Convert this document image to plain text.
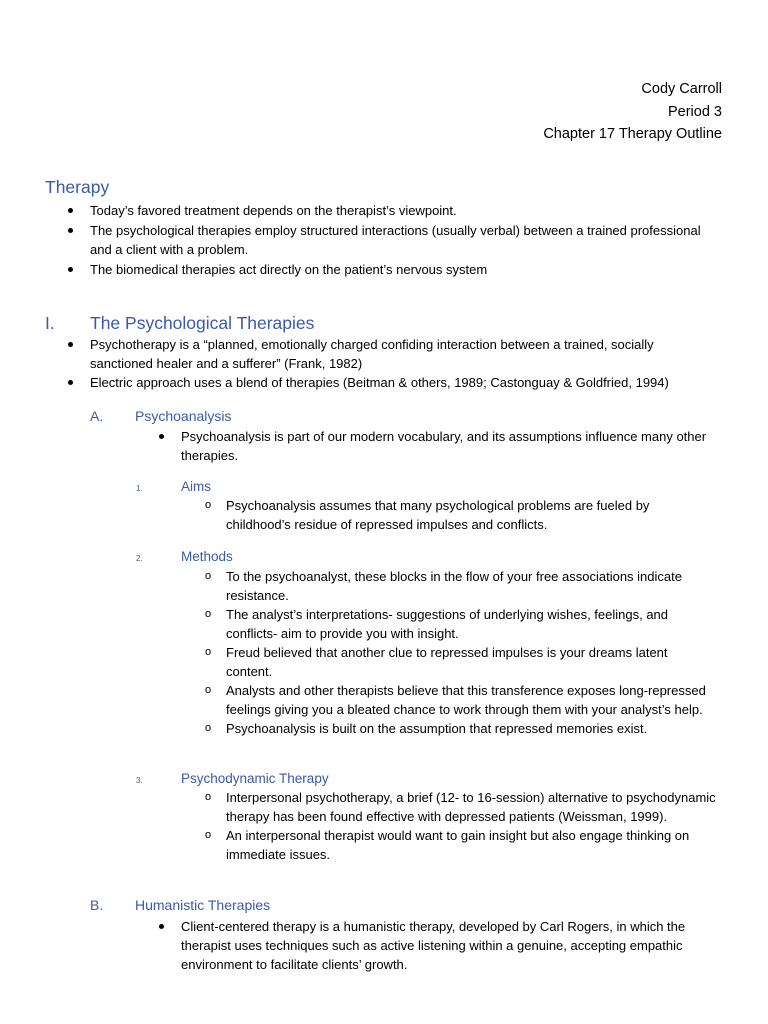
Cody Carroll
Period 3
Chapter 17 Therapy Outline
Therapy
Today’s favored treatment depends on the therapist’s viewpoint.
The psychological therapies employ structured interactions (usually verbal) between a trained professional and a client with a problem.
The biomedical therapies act directly on the patient’s nervous system
I. The Psychological Therapies
Psychotherapy is a “planned, emotionally charged confiding interaction between a trained, socially sanctioned healer and a sufferer” (Frank, 1982)
Electric approach uses a blend of therapies (Beitman & others, 1989; Castonguay & Goldfried, 1994)
A. Psychoanalysis
Psychoanalysis is part of our modern vocabulary, and its assumptions influence many other therapies.
1.	Aims
o Psychoanalysis assumes that many psychological problems are fueled by childhood’s residue of repressed impulses and conflicts.
2.	Methods
o To the psychoanalyst, these blocks in the flow of your free associations indicate resistance.
o The analyst’s interpretations- suggestions of underlying wishes, feelings, and conflicts- aim to provide you with insight.
o Freud believed that another clue to repressed impulses is your dreams latent content.
o Analysts and other therapists believe that this transference exposes long-repressed feelings giving you a bleated chance to work through them with your analyst’s help.
o Psychoanalysis is built on the assumption that repressed memories exist.
3.	Psychodynamic Therapy
o Interpersonal psychotherapy, a brief (12- to 16-session) alternative to psychodynamic therapy has been found effective with depressed patients (Weissman, 1999).
o An interpersonal therapist would want to gain insight but also engage thinking on immediate issues.
B. Humanistic Therapies
Client-centered therapy is a humanistic therapy, developed by Carl Rogers, in which the therapist uses techniques such as active listening within a genuine, accepting empathic environment to facilitate clients’ growth.
